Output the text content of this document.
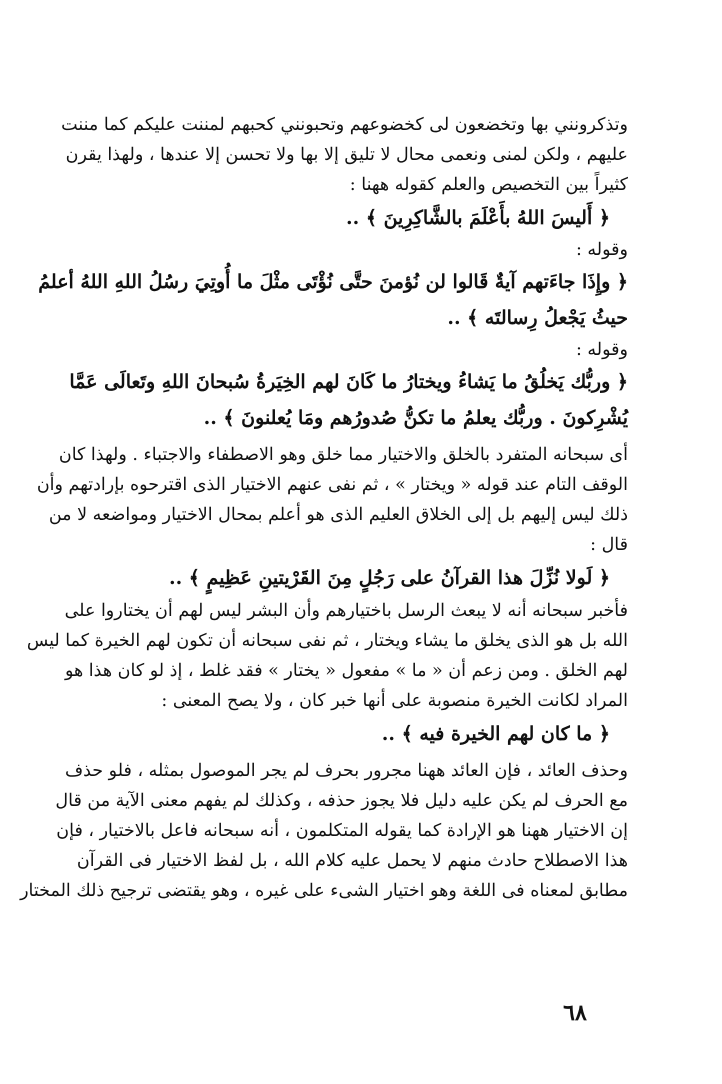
وتذكرونني بها وتخضعون لى كخضوعهم وتحبونني كحبهم لمننت عليكم كما مننت
عليهم ، ولكن لمنى ونعمى محال لا تليق إلا بها ولا تحسن إلا عندها ، ولهذا يقرن
كثيراً بين التخصيص والعلم كقوله ههنا :
﴿ أَليسَ اللهُ بأَعْلَمَ بالشَّاكِرِينَ ﴾ ..
وقوله :
﴿ وإِذَا جاءَتهم آيةٌ قَالوا لن نُؤمنَ حتَّى نُؤْتَى مثْلَ ما أُوتِيَ رسُلُ اللهِ اللهُ أعلمُ
حيثُ يَجْعلُ رِسالتَه ﴾ ..
وقوله :
﴿ وربُّك يَخلُقُ ما يَشاءُ ويختارُ ما كَانَ لهم الخِيَرةُ سُبحانَ اللهِ وتَعالَى عَمَّا
يُشْرِكونَ . وربُّك يعلمُ ما تكنُّ صُدورُهم ومَا يُعلنونَ ﴾ ..
أى سبحانه المتفرد بالخلق والاختيار مما خلق وهو الاصطفاء والاجتباء . ولهذا كان
الوقف التام عند قوله « ويختار » ، ثم نفى عنهم الاختيار الذى اقترحوه بإرادتهم وأن
ذلك ليس إليهم بل إلى الخلاق العليم الذى هو أعلم بمحال الاختيار ومواضعه لا من
قال :
﴿ لَولا نُزِّلَ هذا القرآنُ على رَجُلٍ مِنَ القَرْيتينِ عَظِيمٍ ﴾ ..
فأخبر سبحانه أنه لا يبعث الرسل باختيارهم وأن البشر ليس لهم أن يختاروا على
الله بل هو الذى يخلق ما يشاء ويختار ، ثم نفى سبحانه أن تكون لهم الخيرة كما ليس
لهم الخلق . ومن زعم أن « ما » مفعول « يختار » فقد غلط ، إذ لو كان هذا هو
المراد لكانت الخيرة منصوبة على أنها خبر كان ، ولا يصح المعنى :
﴿ ما كان لهم الخيرة فيه ﴾ ..
وحذف العائد ، فإن العائد ههنا مجرور بحرف لم يجر الموصول بمثله ، فلو حذف
مع الحرف لم يكن عليه دليل فلا يجوز حذفه ، وكذلك لم يفهم معنى الآية من قال
إن الاختيار ههنا هو الإرادة كما يقوله المتكلمون ، أنه سبحانه فاعل بالاختيار ، فإن
هذا الاصطلاح حادث منهم لا يحمل عليه كلام الله ، بل لفظ الاختيار فى القرآن
مطابق لمعناه فى اللغة وهو اختيار الشىء على غيره ، وهو يقتضى ترجيح ذلك المختار
٦٨
